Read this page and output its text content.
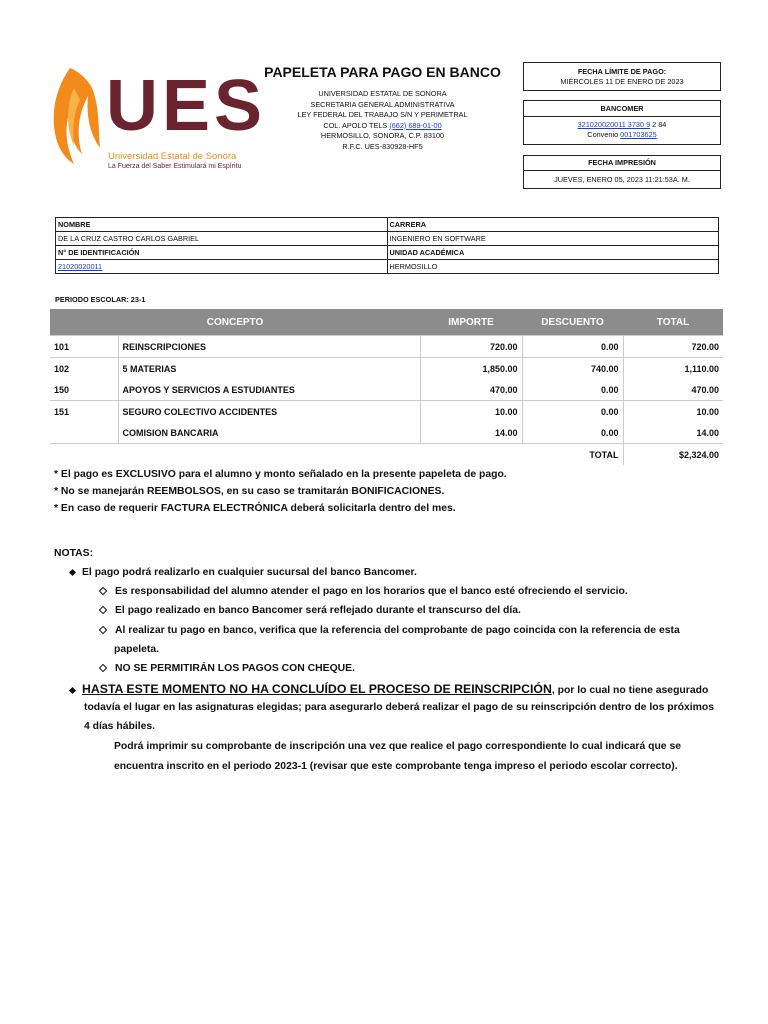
UES
Universidad Estatal de Sonora
La Fuerza del Saber Estimulará mi Espíritu
PAPELETA PARA PAGO EN BANCO
UNIVERSIDAD ESTATAL DE SONORA
SECRETARIA GENERAL ADMINISTRATIVA
LEY FEDERAL DEL TRABAJO S/N Y PERIMETRAL
COL. APOLO TELS (662) 689-01-00
HERMOSILLO, SONORA, C.P. 83100
R.F.C. UES-830928-HF5
FECHA LÍMITE DE PAGO:
MIÉRCOLES 11 DE ENERO DE 2023
BANCOMER
321020020011 3730 9 2 84
Convenio 001703625
FECHA IMPRESIÓN
JUEVES, ENERO 05, 2023 11:21:53A. M.
NOMBRE	CARRERA
DE LA CRUZ CASTRO CARLOS GABRIEL	INGENIERO EN SOFTWARE
N° DE IDENTIFICACIÓN	UNIDAD ACADÉMICA
21020020011	HERMOSILLO
PERIODO ESCOLAR: 23-1
CONCEPTO		IMPORTE	DESCUENTO	TOTAL
101	REINSCRIPCIONES	720.00	0.00	720.00
102	5 MATERIAS	1,850.00	740.00	1,110.00
150	APOYOS Y SERVICIOS A ESTUDIANTES	470.00	0.00	470.00
151	SEGURO COLECTIVO ACCIDENTES	10.00	0.00	10.00
	COMISION BANCARIA	14.00	0.00	14.00
			TOTAL	$2,324.00

* El pago es EXCLUSIVO para el alumno y monto señalado en la presente papeleta de pago.

* No se manejarán REEMBOLSOS, en su caso se tramitarán BONIFICACIONES.

* En caso de requerir FACTURA ELECTRÓNICA deberá solicitarla dentro del mes.

NOTAS:
El pago podrá realizarlo en cualquier sucursal del banco Bancomer.
Es responsabilidad del alumno atender el pago en los horarios que el banco esté ofreciendo el servicio.
El pago realizado en banco Bancomer será reflejado durante el transcurso del día.
Al realizar tu pago en banco, verifica que la referencia del comprobante de pago coincida con la referencia de esta
papeleta.
NO SE PERMITIRÁN LOS PAGOS CON CHEQUE.
HASTA ESTE MOMENTO NO HA CONCLUÍDO EL PROCESO DE REINSCRIPCIÓN, por lo cual no tiene asegurado
todavía el lugar en las asignaturas elegidas; para asegurarlo deberá realizar el pago de su reinscripción dentro de los próximos
4 días hábiles.
Podrá imprimir su comprobante de inscripción una vez que realice el pago correspondiente lo cual indicará que se
encuentra inscrito en el periodo 2023-1 (revisar que este comprobante tenga impreso el periodo escolar correcto).
